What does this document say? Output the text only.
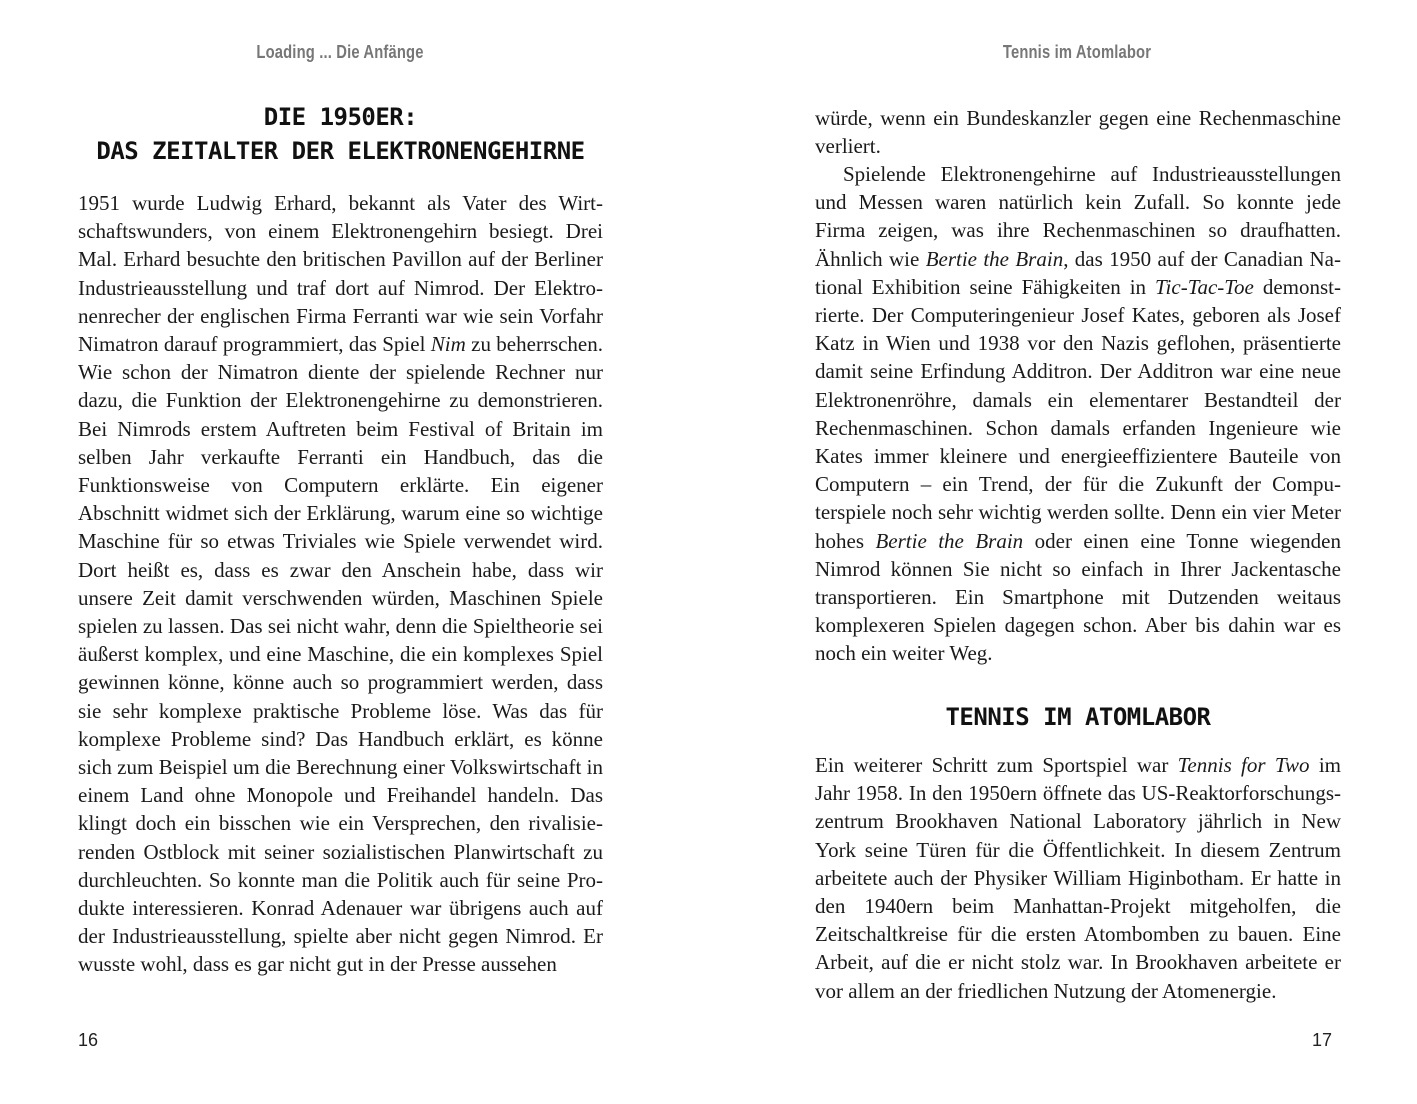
Loading ... Die Anfänge
DIE 1950ER:
DAS ZEITALTER DER ELEKTRONENGEHIRNE

1951 wurde Ludwig Erhard, bekannt als Vater des Wirtschaftswunders, von einem Elektronengehirn besiegt. Drei Mal. Erhard besuchte den britischen Pavillon auf der Berliner Industrieausstellung und traf dort auf Nimrod. Der Elektronenrecher der englischen Firma Ferranti war wie sein Vorfahr Nimatron darauf programmiert, das Spiel Nim zu beherrschen. Wie schon der Nimatron diente der spielende Rechner nur dazu, die Funktion der Elektronengehirne zu demonstrieren. Bei Nimrods erstem Auftreten beim Festival of Britain im selben Jahr verkaufte Ferranti ein Handbuch, das die Funktionsweise von Computern erklärte. Ein eigener Abschnitt widmet sich der Erklärung, warum eine so wichtige Maschine für so etwas Triviales wie Spiele verwendet wird. Dort heißt es, dass es zwar den Anschein habe, dass wir unsere Zeit damit verschwenden würden, Maschinen Spiele spielen zu lassen. Das sei nicht wahr, denn die Spieltheorie sei äußerst komplex, und eine Maschine, die ein komplexes Spiel gewinnen könne, könne auch so programmiert werden, dass sie sehr komplexe praktische Probleme löse. Was das für komplexe Probleme sind? Das Handbuch erklärt, es könne sich zum Beispiel um die Berechnung einer Volkswirtschaft in einem Land ohne Monopole und Freihandel handeln. Das klingt doch ein bisschen wie ein Versprechen, den rivalisierenden Ostblock mit seiner sozialistischen Planwirtschaft zu durchleuchten. So konnte man die Politik auch für seine Produkte interessieren. Konrad Adenauer war übrigens auch auf der Industrieausstellung, spielte aber nicht gegen Nimrod. Er wusste wohl, dass es gar nicht gut in der Presse aussehen

16
Tennis im Atomlabor

würde, wenn ein Bundeskanzler gegen eine Rechenmaschine verliert.

Spielende Elektronengehirne auf Industrieausstellungen und Messen waren natürlich kein Zufall. So konnte jede Firma zeigen, was ihre Rechenmaschinen so draufhatten. Ähnlich wie Bertie the Brain, das 1950 auf der Canadian National Exhibition seine Fähigkeiten in Tic-Tac-Toe demonstrierte. Der Computeringenieur Josef Kates, geboren als Josef Katz in Wien und 1938 vor den Nazis geflohen, präsentierte damit seine Erfindung Additron. Der Additron war eine neue Elektronenröhre, damals ein elementarer Bestandteil der Rechenmaschinen. Schon damals erfanden Ingenieure wie Kates immer kleinere und energieeffizientere Bauteile von Computern – ein Trend, der für die Zukunft der Computerspiele noch sehr wichtig werden sollte. Denn ein vier Meter hohes Bertie the Brain oder einen eine Tonne wiegenden Nimrod können Sie nicht so einfach in Ihrer Jackentasche transportieren. Ein Smartphone mit Dutzenden weitaus komplexeren Spielen dagegen schon. Aber bis dahin war es noch ein weiter Weg.

TENNIS IM ATOMLABOR

Ein weiterer Schritt zum Sportspiel war Tennis for Two im Jahr 1958. In den 1950ern öffnete das US-Reaktorforschungszentrum Brookhaven National Laboratory jährlich in New York seine Türen für die Öffentlichkeit. In diesem Zentrum arbeitete auch der Physiker William Higinbotham. Er hatte in den 1940ern beim Manhattan-Projekt mitgeholfen, die Zeitschaltkreise für die ersten Atombomben zu bauen. Eine Arbeit, auf die er nicht stolz war. In Brookhaven arbeitete er vor allem an der friedlichen Nutzung der Atomenergie.

17
